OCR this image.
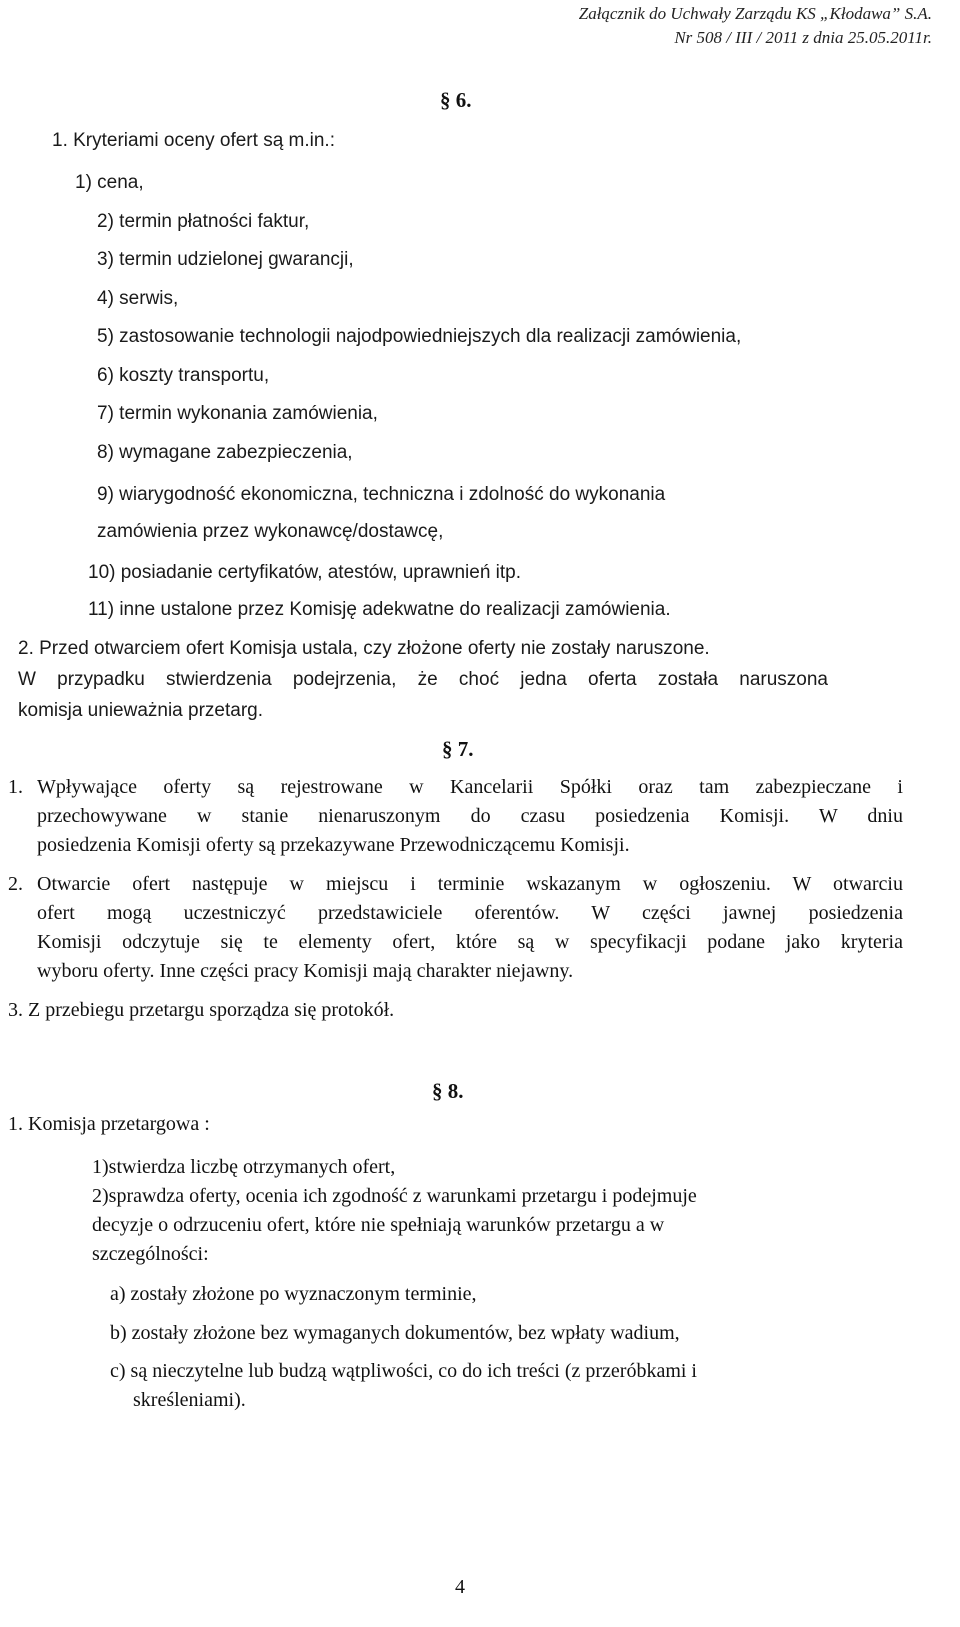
Załącznik do Uchwały Zarządu KS „Kłodawa” S.A.
Nr 508 / III / 2011 z dnia 25.05.2011r.
§ 6.
1. Kryteriami oceny ofert są m.in.:
1) cena,
2) termin płatności faktur,
3) termin udzielonej gwarancji,
4) serwis,
5) zastosowanie technologii najodpowiedniejszych dla realizacji zamówienia,
6) koszty transportu,
7) termin wykonania zamówienia,
8) wymagane zabezpieczenia,
9) wiarygodność ekonomiczna, techniczna i zdolność do wykonania
zamówienia przez wykonawcę/dostawcę,
10) posiadanie certyfikatów, atestów, uprawnień itp.
11) inne ustalone przez Komisję adekwatne do realizacji zamówienia.
2. Przed otwarciem ofert Komisja ustala, czy złożone oferty nie zostały naruszone.
W przypadku stwierdzenia podejrzenia, że choć jedna oferta została naruszona
komisja unieważnia przetarg.
§ 7.
1. Wpływające oferty są rejestrowane w Kancelarii Spółki oraz tam zabezpieczane i
przechowywane w stanie nienaruszonym do czasu posiedzenia Komisji. W dniu
posiedzenia Komisji oferty są przekazywane Przewodniczącemu Komisji.
2. Otwarcie ofert następuje w miejscu i terminie wskazanym w ogłoszeniu. W otwarciu
ofert mogą uczestniczyć przedstawiciele oferentów. W części jawnej posiedzenia
Komisji odczytuje się te elementy ofert, które są w specyfikacji podane jako kryteria
wyboru oferty. Inne części pracy Komisji mają charakter niejawny.
3. Z przebiegu przetargu sporządza się protokół.
§ 8.
1. Komisja przetargowa :
1)stwierdza liczbę otrzymanych ofert,
2)sprawdza oferty, ocenia ich zgodność z warunkami przetargu i podejmuje
decyzje o odrzuceniu ofert, które nie spełniają warunków przetargu a w
szczególności:
a) zostały złożone po wyznaczonym terminie,
b) zostały złożone bez wymaganych dokumentów, bez wpłaty wadium,
c) są nieczytelne lub budzą wątpliwości, co do ich treści (z przeróbkami i
skreśleniami).
4
